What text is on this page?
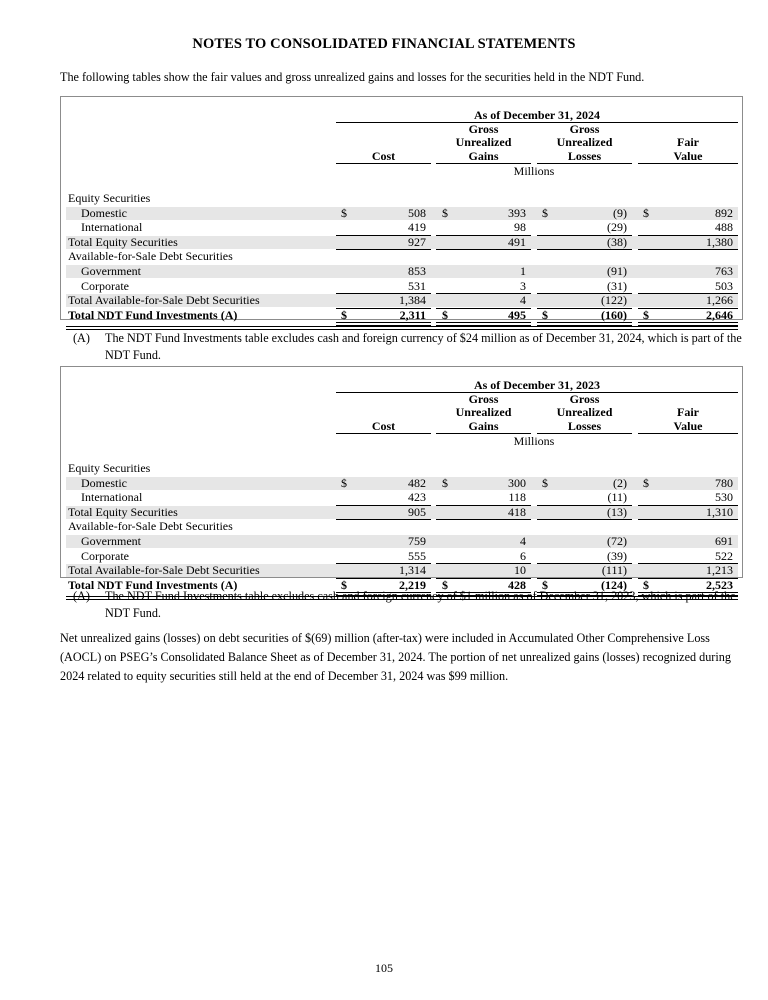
NOTES TO CONSOLIDATED FINANCIAL STATEMENTS
The following tables show the fair values and gross unrealized gains and losses for the securities held in the NDT Fund.
As of December 31, 2024
Cost
Gross
Unrealized
Gains
Gross
Unrealized
Losses
Fair
Value
Millions
Equity Securities
Domestic	$	508 $	393 $	(9) $	892
International	419	98	(29)	488
Total Equity Securities	927	491	(38)	1,380
Available-for-Sale Debt Securities
Government	853	1	(91)	763
Corporate	531	3	(31)	503
Total Available-for-Sale Debt Securities	1,384	4	(122)	1,266
Total NDT Fund Investments (A)	$	2,311 $	495 $	(160) $	2,646
(A) The NDT Fund Investments table excludes cash and foreign currency of $24 million as of December 31, 2024, which is part of the NDT Fund.
As of December 31, 2023
Cost
Gross
Unrealized
Gains
Gross
Unrealized
Losses
Fair
Value
Millions
Equity Securities
Domestic	$	482 $	300 $	(2) $	780
International	423	118	(11)	530
Total Equity Securities	905	418	(13)	1,310
Available-for-Sale Debt Securities
Government	759	4	(72)	691
Corporate	555	6	(39)	522
Total Available-for-Sale Debt Securities	1,314	10	(111)	1,213
Total NDT Fund Investments (A)	$	2,219 $	428 $	(124) $	2,523
(A) The NDT Fund Investments table excludes cash and foreign currency of $1 million as of December 31, 2023, which is part of the NDT Fund.
Net unrealized gains (losses) on debt securities of $(69) million (after-tax) were included in Accumulated Other Comprehensive Loss (AOCL) on PSEG’s Consolidated Balance Sheet as of December 31, 2024. The portion of net unrealized gains (losses) recognized during 2024 related to equity securities still held at the end of December 31, 2024 was $99 million.
105
